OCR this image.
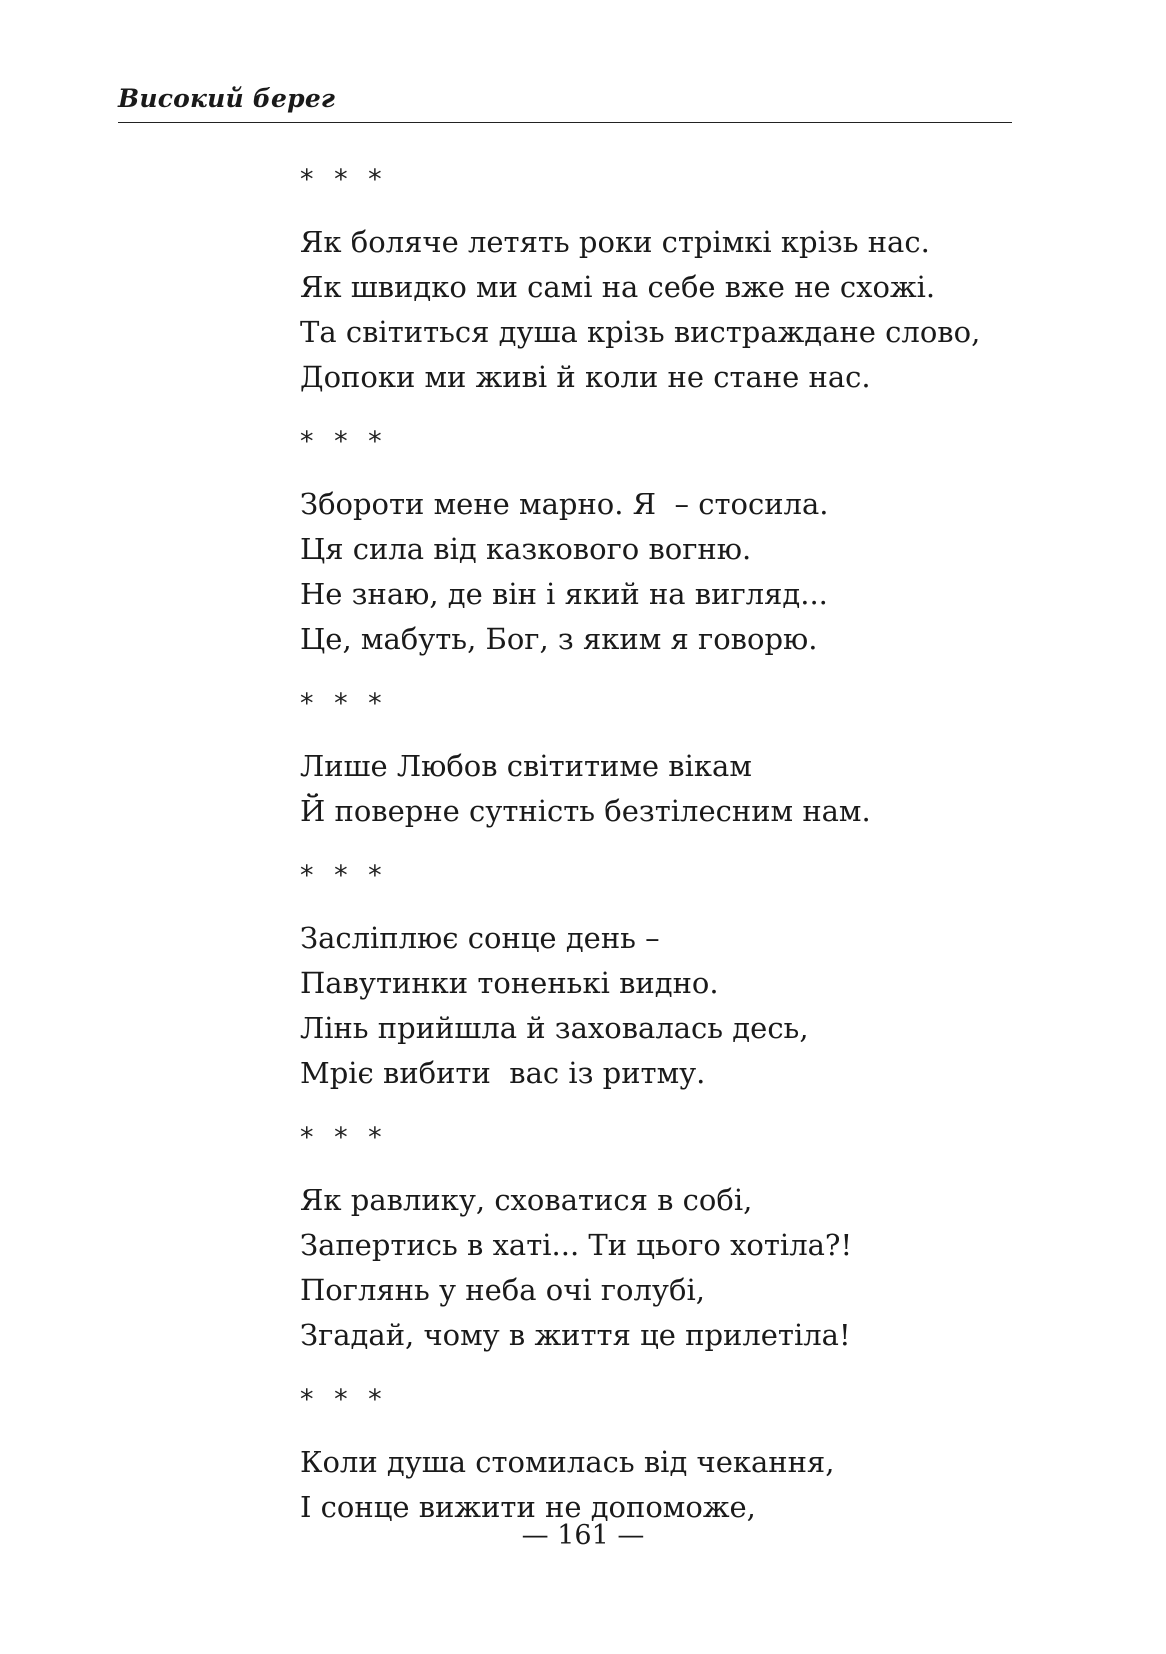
Високий берег
* * *
Як боляче летять роки стрімкі крізь нас.
Як швидко ми самі на себе вже не схожі.
Та світиться душа крізь вистраждане слово,
Допоки ми живі й коли не стане нас.
* * *
Збороти мене марно. Я  – стосила.
Ця сила від казкового вогню.
Не знаю, де він і який на вигляд...
Це, мабуть, Бог, з яким я говорю.
* * *
Лише Любов світитиме вікам
Й поверне сутність безтілесним нам.
* * *
Засліплює сонце день –
Павутинки тоненькі видно.
Лінь прийшла й заховалась десь,
Мріє вибити  вас із ритму.
* * *
Як равлику, сховатися в собі,
Запертись в хаті... Ти цього хотіла?!
Поглянь у неба очі голубі,
Згадай, чому в життя це прилетіла!
* * *
Коли душа стомилась від чекання,
І сонце вижити не допоможе,
— 161 —
